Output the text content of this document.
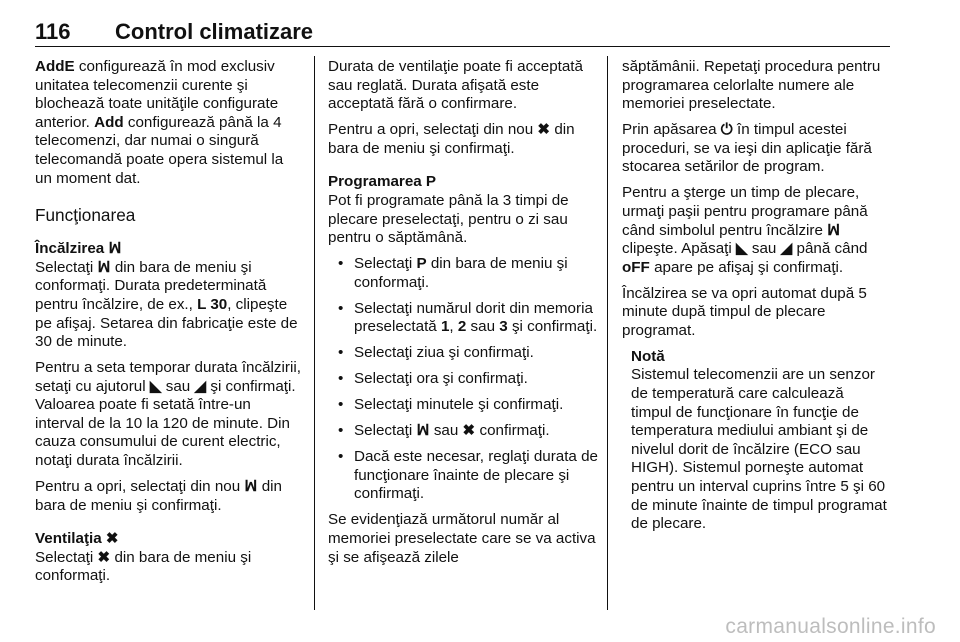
116 Control climatizare

AddE configurează în mod exclusiv unitatea telecomenzii curente şi blochează toate unităţile configurate anterior. Add configurează până la 4 telecomenzi, dar numai o singură telecomandă poate opera sistemul la un moment dat.

Funcţionarea

Încălzirea ꟽ
Selectaţi ꟽ din bara de meniu şi conformaţi. Durata predeterminată pentru încălzire, de ex., L 30, clipeşte pe afişaj. Setarea din fabricaţie este de 30 de minute.

Pentru a seta temporar durata încălzirii, setaţi cu ajutorul ◣ sau ◢ şi confirmaţi. Valoarea poate fi setată între-un interval de la 10 la 120 de minute. Din cauza consumului de curent electric, notaţi durata încălzirii.

Pentru a opri, selectaţi din nou ꟽ din bara de meniu şi confirmaţi.

Ventilaţia ✖
Selectaţi ✖ din bara de meniu şi conformaţi.

Durata de ventilaţie poate fi acceptată sau reglată. Durata afişată este acceptată fără o confirmare.

Pentru a opri, selectaţi din nou ✖ din bara de meniu şi confirmaţi.

Programarea P
Pot fi programate până la 3 timpi de plecare preselectaţi, pentru o zi sau pentru o săptămână.

• Selectaţi P din bara de meniu şi conformaţi.
• Selectaţi numărul dorit din memoria preselectată 1, 2 sau 3 şi confirmaţi.
• Selectaţi ziua şi confirmaţi.
• Selectaţi ora şi confirmaţi.
• Selectaţi minutele şi confirmaţi.
• Selectaţi ꟽ sau ✖ confirmaţi.
• Dacă este necesar, reglaţi durata de funcţionare înainte de plecare şi confirmaţi.

Se evidenţiază următorul număr al memoriei preselectate care se va activa şi se afişează zilele

săptămânii. Repetaţi procedura pentru programarea celorlalte numere ale memoriei preselectate.

Prin apăsarea ⏻ în timpul acestei proceduri, se va ieşi din aplicaţie fără stocarea setărilor de program.

Pentru a şterge un timp de plecare, urmaţi paşii pentru programare până când simbolul pentru încălzire ꟽ clipeşte. Apăsaţi ◣ sau ◢ până când oFF apare pe afişaj şi confirmaţi.

Încălzirea se va opri automat după 5 minute după timpul de plecare programat.

Notă
Sistemul telecomenzii are un senzor de temperatură care calculează timpul de funcţionare în funcţie de temperatura mediului ambiant şi de nivelul dorit de încălzire (ECO sau HIGH). Sistemul porneşte automat pentru un interval cuprins între 5 şi 60 de minute înainte de timpul programat de plecare.
carmanualsonline.info
